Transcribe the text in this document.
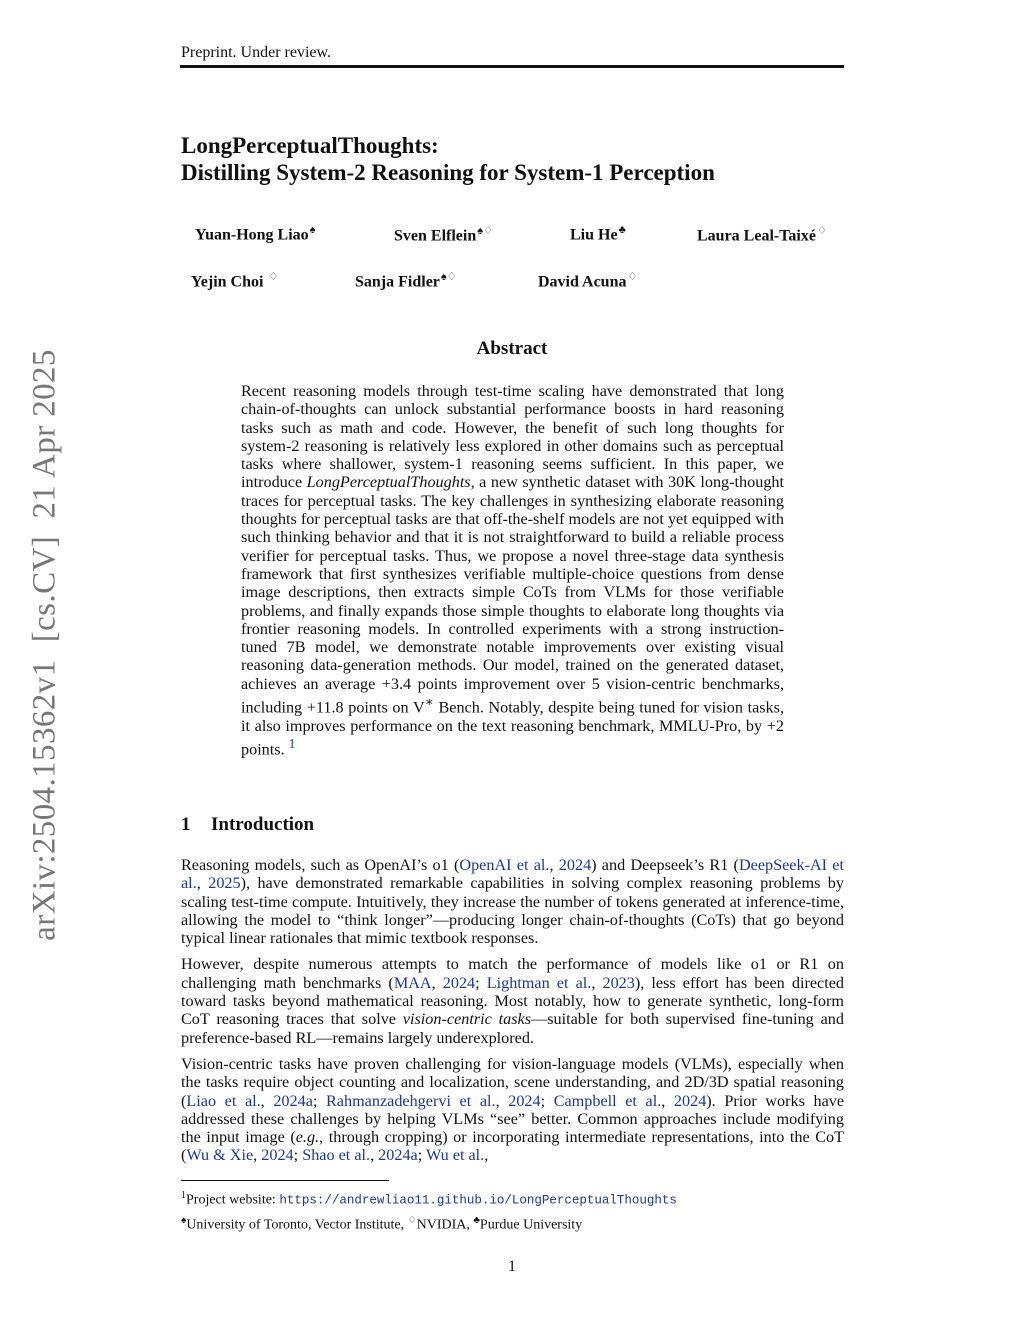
Preprint. Under review.
arXiv:2504.15362v1  [cs.CV]  21 Apr 2025
LongPerceptualThoughts:
Distilling System-2 Reasoning for System-1 Perception
Yuan-Hong Liao♠	Sven Elflein♠♢	Liu He♣	Laura Leal-Taixé♢
Yejin Choi ♢	Sanja Fidler♠♢	David Acuna♢
Abstract

Recent reasoning models through test-time scaling have demonstrated that long chain-of-thoughts can unlock substantial performance boosts in hard reasoning tasks such as math and code. However, the benefit of such long thoughts for system-2 reasoning is relatively less explored in other domains such as perceptual tasks where shallower, system-1 reasoning seems sufficient. In this paper, we introduce LongPerceptualThoughts, a new synthetic dataset with 30K long-thought traces for perceptual tasks. The key challenges in synthesizing elaborate reasoning thoughts for perceptual tasks are that off-the-shelf models are not yet equipped with such thinking behavior and that it is not straightforward to build a reliable process verifier for perceptual tasks. Thus, we propose a novel three-stage data synthesis framework that first synthesizes verifiable multiple-choice questions from dense image descriptions, then extracts simple CoTs from VLMs for those verifiable problems, and finally expands those simple thoughts to elaborate long thoughts via frontier reasoning models. In controlled experiments with a strong instruction-tuned 7B model, we demonstrate notable improvements over existing visual reasoning data-generation methods. Our model, trained on the generated dataset, achieves an average +3.4 points improvement over 5 vision-centric benchmarks, including +11.8 points on V∗ Bench. Notably, despite being tuned for vision tasks, it also improves performance on the text reasoning benchmark, MMLU-Pro, by +2 points. $^1$

1 Introduction

Reasoning models, such as OpenAI’s o1 (OpenAI et al., 2024) and Deepseek’s R1 (DeepSeek-AI et al., 2025), have demonstrated remarkable capabilities in solving complex reasoning problems by scaling test-time compute. Intuitively, they increase the number of tokens generated at inference-time, allowing the model to “think longer”—producing longer chain-of-thoughts (CoTs) that go beyond typical linear rationales that mimic textbook responses.

However, despite numerous attempts to match the performance of models like o1 or R1 on challenging math benchmarks (MAA, 2024; Lightman et al., 2023), less effort has been directed toward tasks beyond mathematical reasoning. Most notably, how to generate synthetic, long-form CoT reasoning traces that solve vision-centric tasks—suitable for both supervised fine-tuning and preference-based RL—remains largely underexplored.

Vision-centric tasks have proven challenging for vision-language models (VLMs), especially when the tasks require object counting and localization, scene understanding, and 2D/3D spatial reasoning (Liao et al., 2024a; Rahmanzadehgervi et al., 2024; Campbell et al., 2024). Prior works have addressed these challenges by helping VLMs “see” better. Common approaches include modifying the input image (e.g., through cropping) or incorporating intermediate representations, into the CoT (Wu & Xie, 2024; Shao et al., 2024a; Wu et al.,

$^1$Project website: https://andrewliao11.github.io/LongPerceptualThoughts
♠University of Toronto, Vector Institute, ♢NVIDIA, ♣Purdue University
1
